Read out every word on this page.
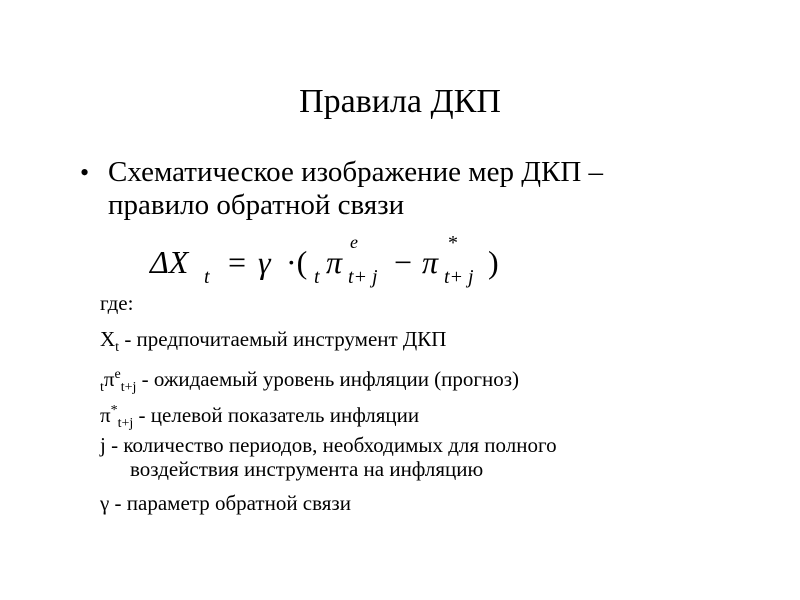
Правила ДКП
• Схематическое изображение мер ДКП –
правило обратной связи
ΔX t = γ ·( t π
e
t+ j − π
*
t+ j )
где:
$X_t$ - предпочитаемый инструмент ДКП
$_t\pi^e_{t+j}$ - ожидаемый уровень инфляции (прогноз)
$\pi^*_{t+j}$ - целевой показатель инфляции
j - количество периодов, необходимых для полного
воздействия инструмента на инфляцию
γ - параметр обратной связи
